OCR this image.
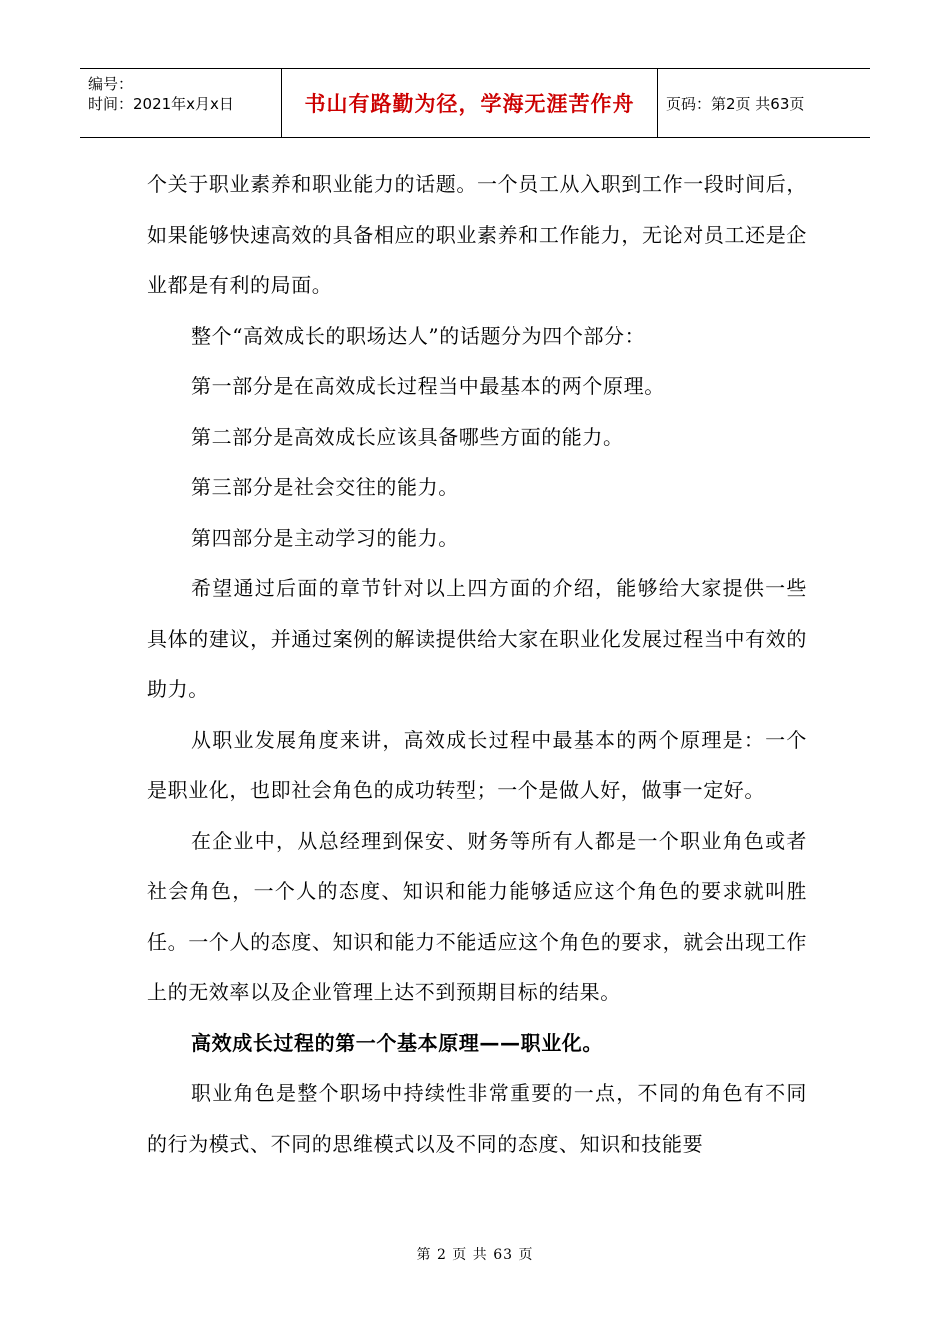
编号：
时间：2021年x月x日	书山有路勤为径，学海无涯苦作舟 页码：第2页 共63页

个关于职业素养和职业能力的话题。一个员工从入职到工作一段时间后，如果能够快速高效的具备相应的职业素养和工作能力，无论对员工还是企业都是有利的局面。

整个“高效成长的职场达人”的话题分为四个部分：

第一部分是在高效成长过程当中最基本的两个原理。

第二部分是高效成长应该具备哪些方面的能力。

第三部分是社会交往的能力。

第四部分是主动学习的能力。

希望通过后面的章节针对以上四方面的介绍，能够给大家提供一些具体的建议，并通过案例的解读提供给大家在职业化发展过程当中有效的助力。

从职业发展角度来讲，高效成长过程中最基本的两个原理是：一个是职业化，也即社会角色的成功转型；一个是做人好，做事一定好。

在企业中，从总经理到保安、财务等所有人都是一个职业角色或者社会角色，一个人的态度、知识和能力能够适应这个角色的要求就叫胜任。一个人的态度、知识和能力不能适应这个角色的要求，就会出现工作上的无效率以及企业管理上达不到预期目标的结果。

高效成长过程的第一个基本原理——职业化。

职业角色是整个职场中持续性非常重要的一点，不同的角色有不同的行为模式、不同的思维模式以及不同的态度、知识和技能要

第 2 页 共 63 页
